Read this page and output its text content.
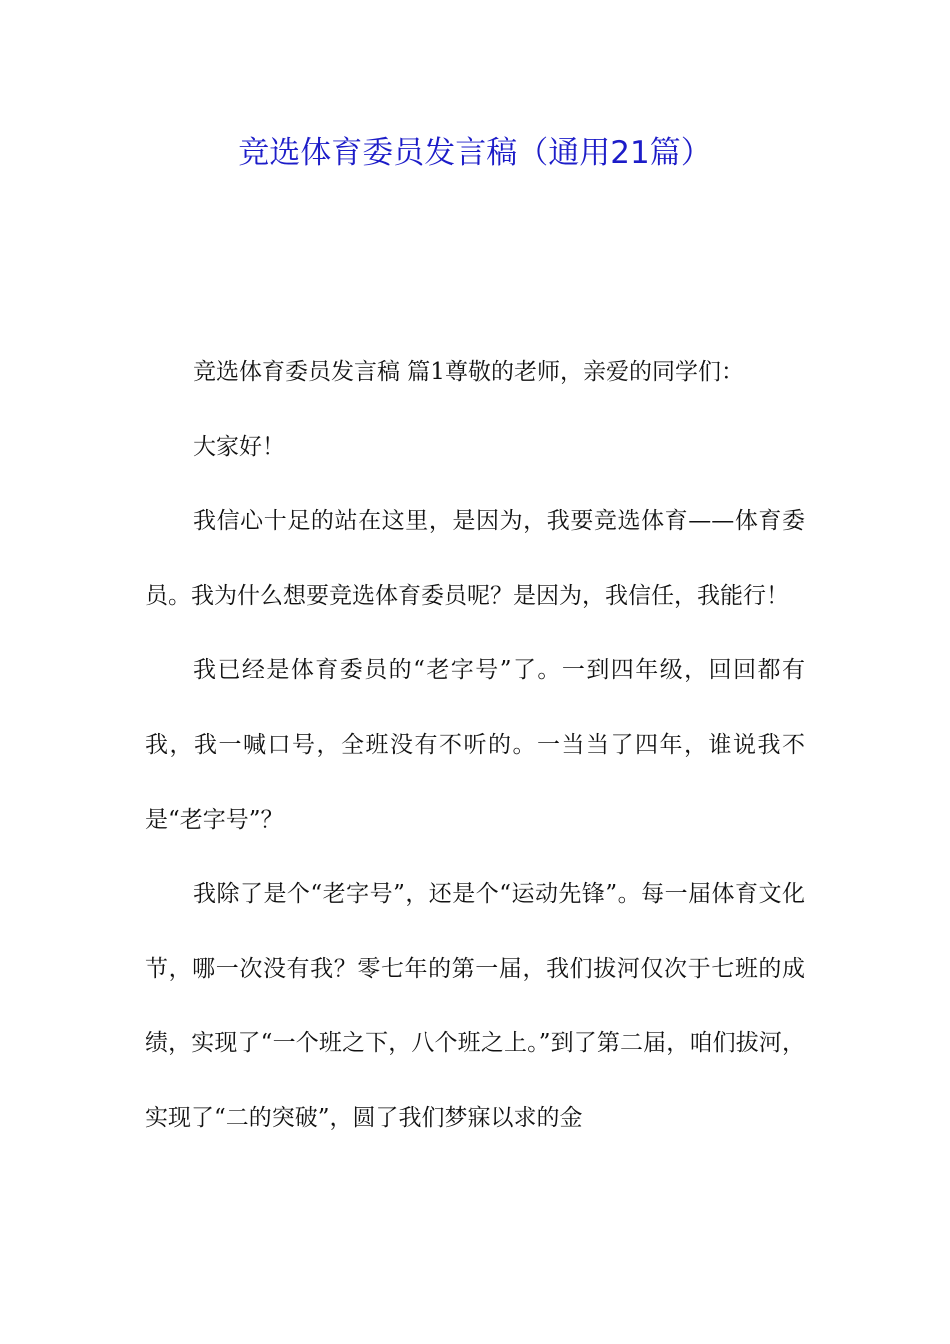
竞选体育委员发言稿（通用21篇）

竞选体育委员发言稿 篇1尊敬的老师，亲爱的同学们：

大家好！

我信心十足的站在这里，是因为，我要竞选体育——体育委员。我为什么想要竞选体育委员呢？是因为，我信任，我能行！

我已经是体育委员的“老字号”了。一到四年级，回回都有我，我一喊口号，全班没有不听的。一当当了四年，谁说我不是“老字号”？

我除了是个“老字号”，还是个“运动先锋”。每一届体育文化节，哪一次没有我？零七年的第一届，我们拔河仅次于七班的成绩，实现了“一个班之下，八个班之上。”到了第二届，咱们拔河，实现了“二的突破”，圆了我们梦寐以求的金
